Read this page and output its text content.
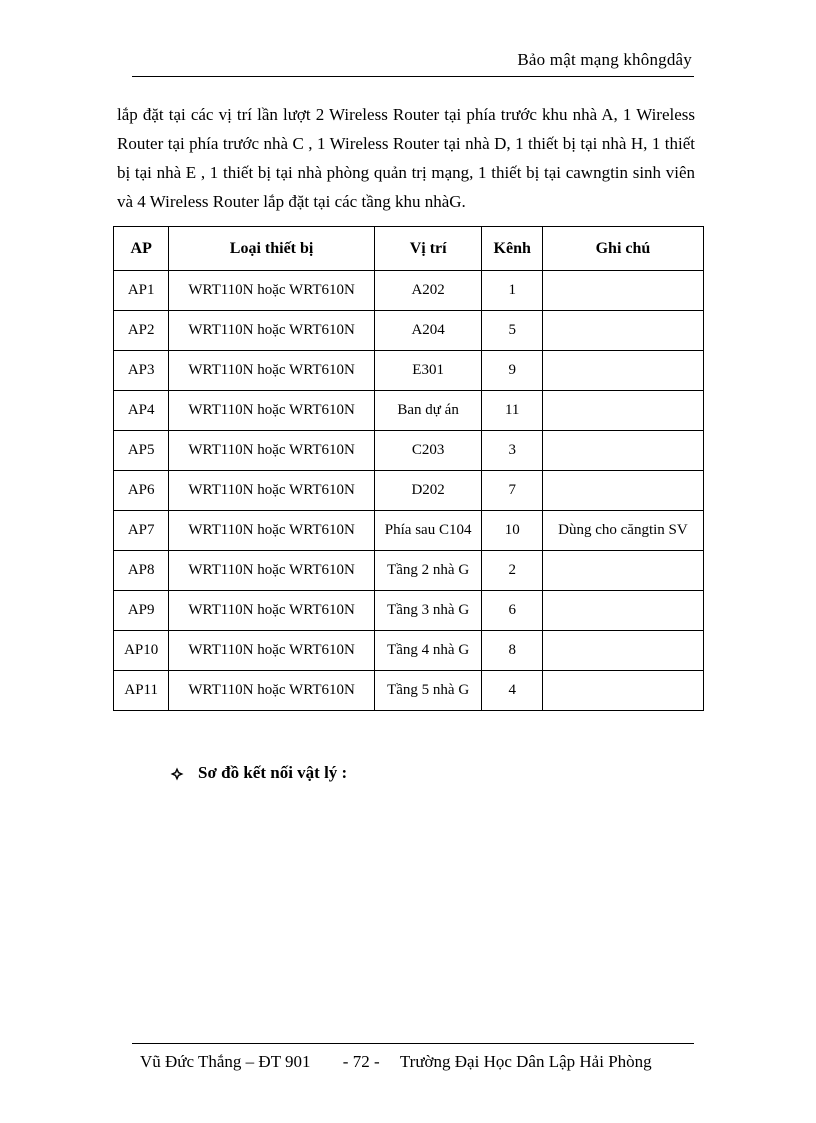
Bảo mật mạng khôngdây

lắp đặt tại các vị trí lần lượt 2 Wireless Router tại phía trước khu nhà A, 1 Wireless Router tại phía trước nhà C , 1 Wireless Router tại nhà D, 1 thiết bị tại nhà H, 1 thiết bị tại nhà E , 1 thiết bị tại nhà phòng quản trị mạng, 1 thiết bị tại cawngtin sinh viên và 4 Wireless Router lắp đặt tại các tầng khu nhàG.

AP	Loại thiết bị	Vị trí	Kênh	Ghi chú
AP1	WRT110N hoặc WRT610N	A202	1	
AP2	WRT110N hoặc WRT610N	A204	5	
AP3	WRT110N hoặc WRT610N	E301	9	
AP4	WRT110N hoặc WRT610N	Ban dự án	11	
AP5	WRT110N hoặc WRT610N	C203	3	
AP6	WRT110N hoặc WRT610N	D202	7	
AP7	WRT110N hoặc WRT610N	Phía sau C104	10	Dùng cho căngtin SV
AP8	WRT110N hoặc WRT610N	Tầng 2 nhà G	2	
AP9	WRT110N hoặc WRT610N	Tầng 3 nhà G	6	
AP10	WRT110N hoặc WRT610N	Tầng 4 nhà G	8	
AP11	WRT110N hoặc WRT610N	Tầng 5 nhà G	4	
Sơ đồ kết nối vật lý :
Vũ Đức Thắng – ĐT 901 - 72 - Trường Đại Học Dân Lập Hải Phòng
